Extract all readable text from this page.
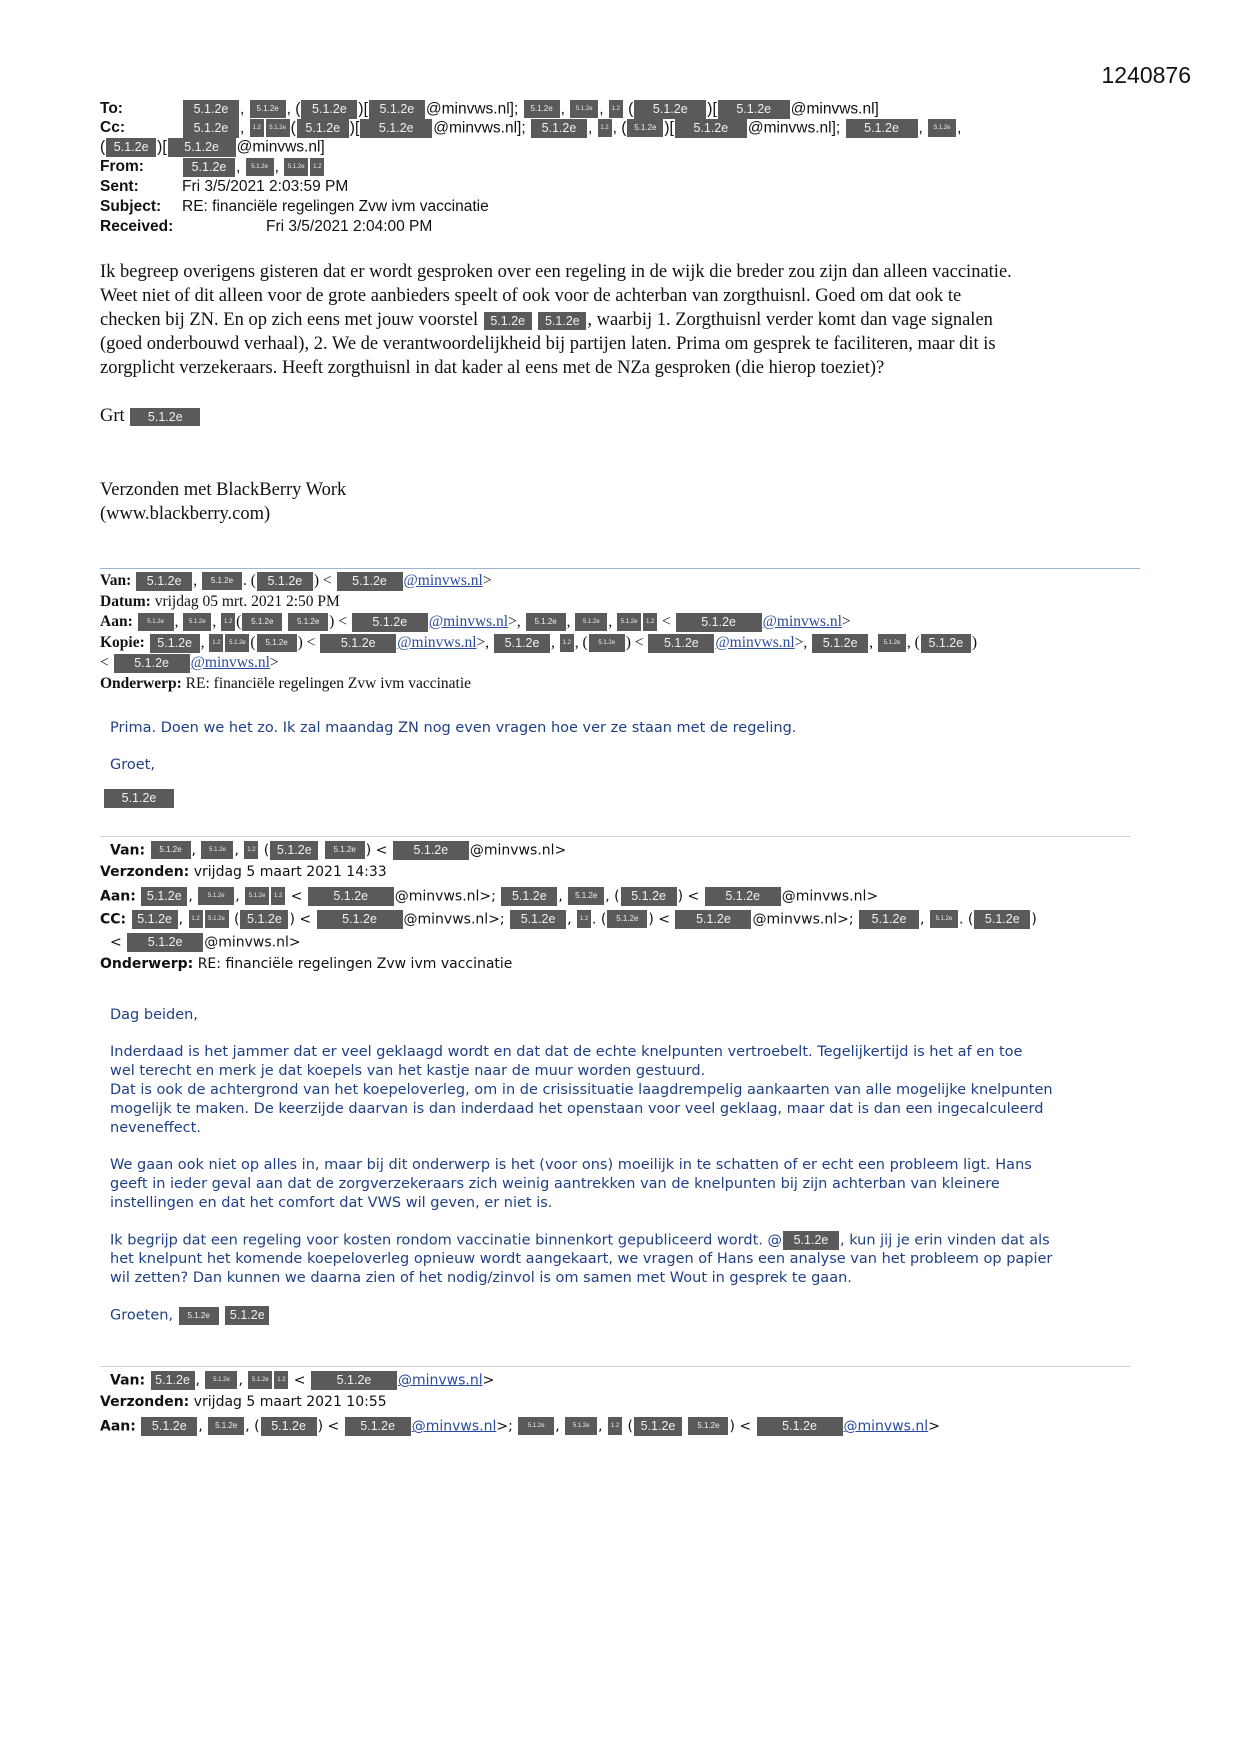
1240876
To:	5.1.2e , 5.1.2e , ( 5.1.2e )[ 5.1.2e @minvws.nl]; 5.1.2e , 5.1.2e , 1.2 ( 5.1.2e )[ 5.1.2e @minvws.nl]
Cc:	5.1.2e , 1.2 5.1.2e ( 5.1.2e )[ 5.1.2e @minvws.nl]; 5.1.2e , 1.2 , ( 5.1.2e )[ 5.1.2e @minvws.nl]; 5.1.2e , 5.1.2e ,
( 5.1.2e )[ 5.1.2e @minvws.nl]
From:	5.1.2e , 5.1.2e , 5.1.2e 1.2
Sent:	Fri 3/5/2021 2:03:59 PM
Subject: RE: financiële regelingen Zvw ivm vaccinatie
Received:	Fri 3/5/2021 2:04:00 PM
Ik begreep overigens gisteren dat er wordt gesproken over een regeling in de wijk die breder zou zijn dan alleen vaccinatie.
Weet niet of dit alleen voor de grote aanbieders speelt of ook voor de achterban van zorgthuisnl. Goed om dat ook te
checken bij ZN. En op zich eens met jouw voorstel 5.1.2e 5.1.2e , waarbij 1. Zorgthuisnl verder komt dan vage signalen
(goed onderbouwd verhaal), 2. We de verantwoordelijkheid bij partijen laten. Prima om gesprek te faciliteren, maar dit is
zorgplicht verzekeraars. Heeft zorgthuisnl in dat kader al eens met de NZa gesproken (die hierop toeziet)?
Grt 5.1.2e
Verzonden met BlackBerry Work
(www.blackberry.com)
Van: 5.1.2e , 5.1.2e . ( 5.1.2e ) < 5.1.2e @minvws.nl>
Datum: vrijdag 05 mrt. 2021 2:50 PM
Aan: 5.1.2e , 5.1.2e , 1.2 ( 5.1.2e	5.1.2e ) < 5.1.2e @minvws.nl>, 5.1.2e , 5.1.2e , 5.1.2e 1.2 < 5.1.2e @minvws.nl>
Kopie: 5.1.2e , 1.2 5.1.2e ( 5.1.2e ) < 5.1.2e @minvws.nl>, 5.1.2e , 1.2 , ( 5.1.2e ) < 5.1.2e @minvws.nl>, 5.1.2e , 5.1.2e , ( 5.1.2e )
< 5.1.2e @minvws.nl>
Onderwerp: RE: financiële regelingen Zvw ivm vaccinatie
Prima. Doen we het zo. Ik zal maandag ZN nog even vragen hoe ver ze staan met de regeling.
Groet,
5.1.2e
Van: 5.1.2e , 5.1.2e , 1.2 ( 5.1.2e	5.1.2e ) < 5.1.2e @minvws.nl>
Verzonden: vrijdag 5 maart 2021 14:33
Aan: 5.1.2e , 5.1.2e , 5.1.2e 1.2 < 5.1.2e @minvws.nl>; 5.1.2e , 5.1.2e , ( 5.1.2e ) < 5.1.2e @minvws.nl>
CC: 5.1.2e , 1.2 5.1.2e ( 5.1.2e ) < 5.1.2e @minvws.nl>; 5.1.2e , 1.2 . ( 5.1.2e ) < 5.1.2e @minvws.nl>; 5.1.2e , 5.1.2e . ( 5.1.2e )
< 5.1.2e @minvws.nl>
Onderwerp: RE: financiële regelingen Zvw ivm vaccinatie
Dag beiden,
Inderdaad is het jammer dat er veel geklaagd wordt en dat dat de echte knelpunten vertroebelt. Tegelijkertijd is het af en toe
wel terecht en merk je dat koepels van het kastje naar de muur worden gestuurd.
Dat is ook de achtergrond van het koepeloverleg, om in de crisissituatie laagdrempelig aankaarten van alle mogelijke knelpunten
mogelijk te maken. De keerzijde daarvan is dan inderdaad het openstaan voor veel geklaag, maar dat is dan een ingecalculeerd
neveneffect.
We gaan ook niet op alles in, maar bij dit onderwerp is het (voor ons) moeilijk in te schatten of er echt een probleem ligt. Hans
geeft in ieder geval aan dat de zorgverzekeraars zich weinig aantrekken van de knelpunten bij zijn achterban van kleinere
instellingen en dat het comfort dat VWS wil geven, er niet is.
Ik begrijp dat een regeling voor kosten rondom vaccinatie binnenkort gepubliceerd wordt. @ 5.1.2e , kun jij je erin vinden dat als
het knelpunt het komende koepeloverleg opnieuw wordt aangekaart, we vragen of Hans een analyse van het probleem op papier
wil zetten? Dan kunnen we daarna zien of het nodig/zinvol is om samen met Wout in gesprek te gaan.
Groeten, 5.1.2e 5.1.2e
Van: 5.1.2e , 5.1.2e , 5.1.2e 1.2 < 5.1.2e @minvws.nl>
Verzonden: vrijdag 5 maart 2021 10:55
Aan: 5.1.2e , 5.1.2e , ( 5.1.2e ) < 5.1.2e @minvws.nl>; 5.1.2e , 5.1.2e , 1.2 ( 5.1.2e	5.1.2e ) < 5.1.2e @minvws.nl>
